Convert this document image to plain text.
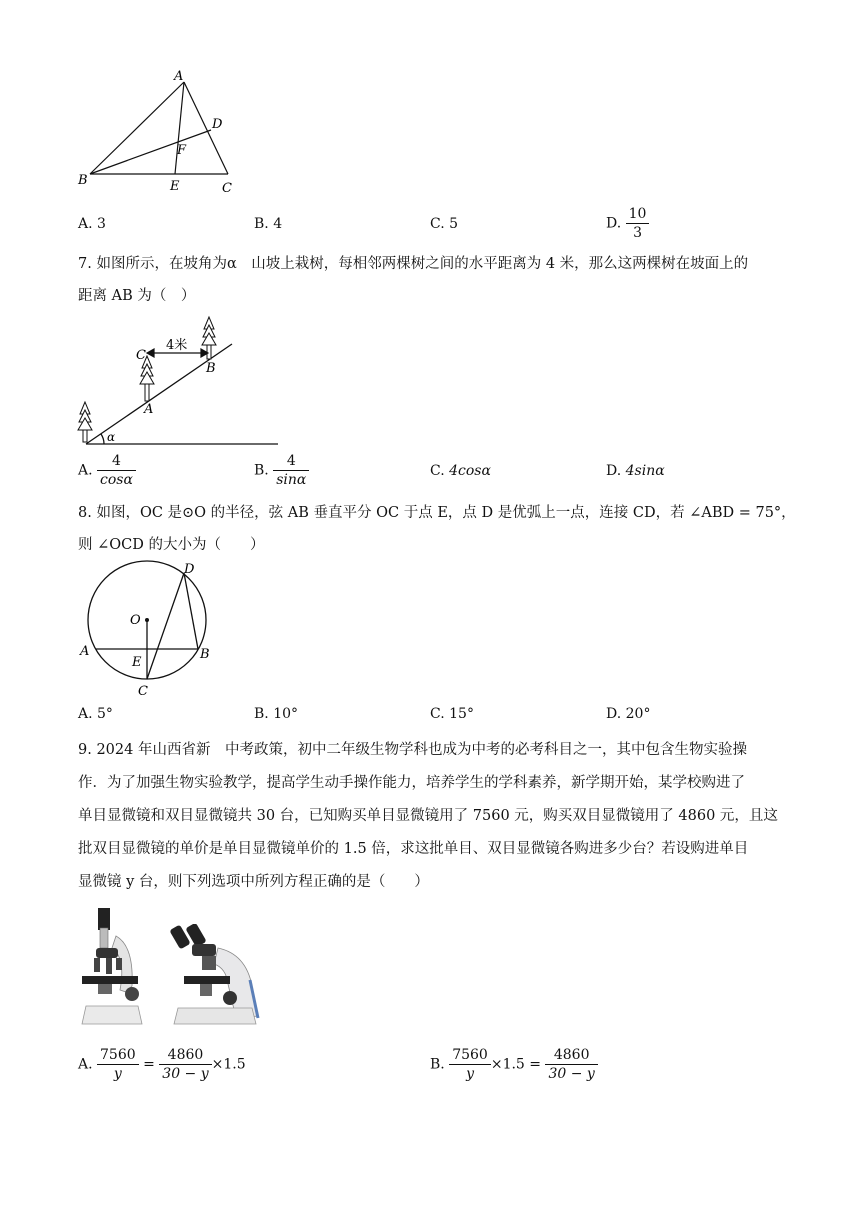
A
B
C
D
E
F
A. 3	B. 4	C. 5	D. $\frac{10}{3}$
7. 如图所示，在坡角为α　山坡上栽树，每相邻两棵树之间的水平距离为 4 米，那么这两棵树在坡面上的
距离 AB 为（　）
4米
C
A
B
α
A. $\frac{4}{\cos\alpha}$	B. $\frac{4}{\sin\alpha}$	C. 4cosα	D. 4sinα
8. 如图，OC 是⊙O 的半径，弦 AB 垂直平分 OC 于点 E，点 D 是优弧上一点，连接 CD，若 ∠ABD = 75°，
则 ∠OCD 的大小为（　　）
D
O
A
E
B
C
A. 5°	B. 10°	C. 15°	D. 20°
9. 2024 年山西省新　中考政策，初中二年级生物学科也成为中考的必考科目之一，其中包含生物实验操
作．为了加强生物实验教学，提高学生动手操作能力，培养学生的学科素养，新学期开始，某学校购进了
单目显微镜和双目显微镜共 30 台，已知购买单目显微镜用了 7560 元，购买双目显微镜用了 4860 元，且这
批双目显微镜的单价是单目显微镜单价的 1.5 倍，求这批单目、双目显微镜各购进多少台？若设购进单目
显微镜 y 台，则下列选项中所列方程正确的是（　　）
A. $\frac{7560}{y} = \frac{4860}{30 - y} \times 1.5$	B. $\frac{7560}{y} \times 1.5 = \frac{4860}{30 - y}$
